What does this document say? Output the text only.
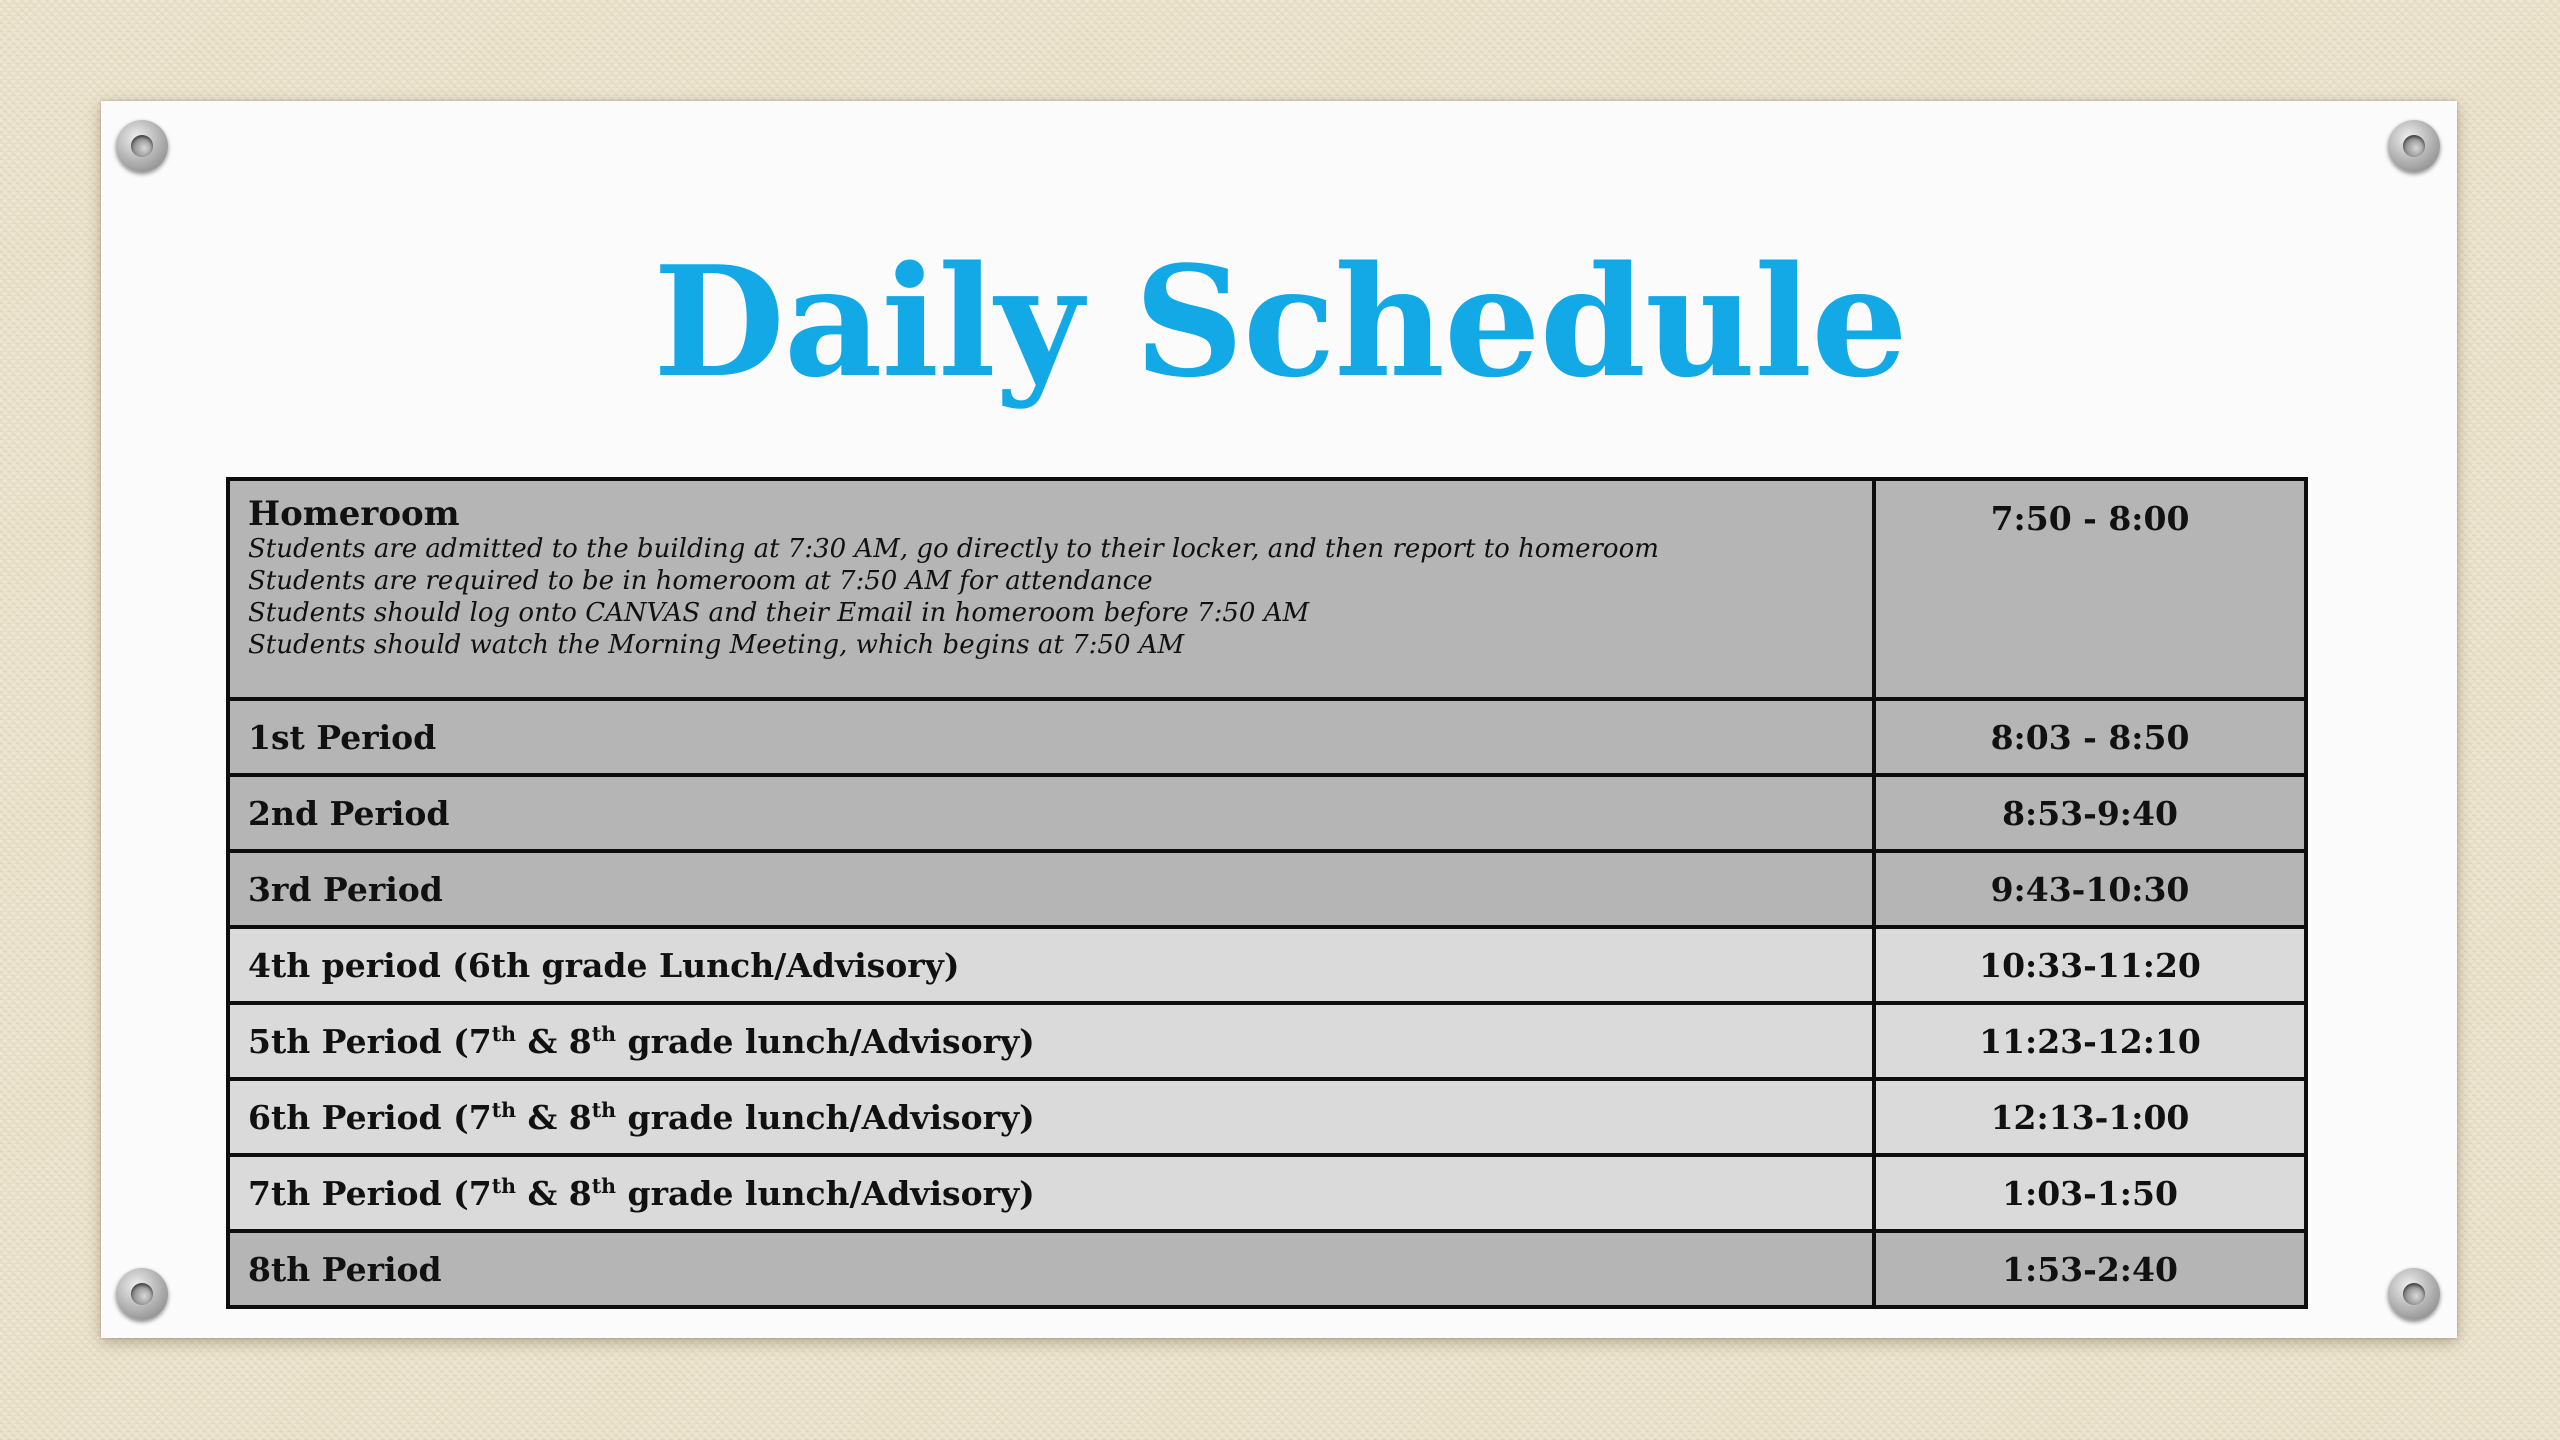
Daily Schedule
Homeroom
Students are admitted to the building at 7:30 AM, go directly to their locker, and then report to homeroom
Students are required to be in homeroom at 7:50 AM for attendance
Students should log onto CANVAS and their Email in homeroom before 7:50 AM
Students should watch the Morning Meeting, which begins at 7:50 AM	7:50 - 8:00
1st Period	8:03 - 8:50
2nd Period	8:53-9:40
3rd Period	9:43-10:30
4th period (6th grade Lunch/Advisory)	10:33-11:20
5th Period (7th & 8th grade lunch/Advisory)	11:23-12:10
6th Period (7th & 8th grade lunch/Advisory)	12:13-1:00
7th Period (7th & 8th grade lunch/Advisory)	1:03-1:50
8th Period	1:53-2:40
